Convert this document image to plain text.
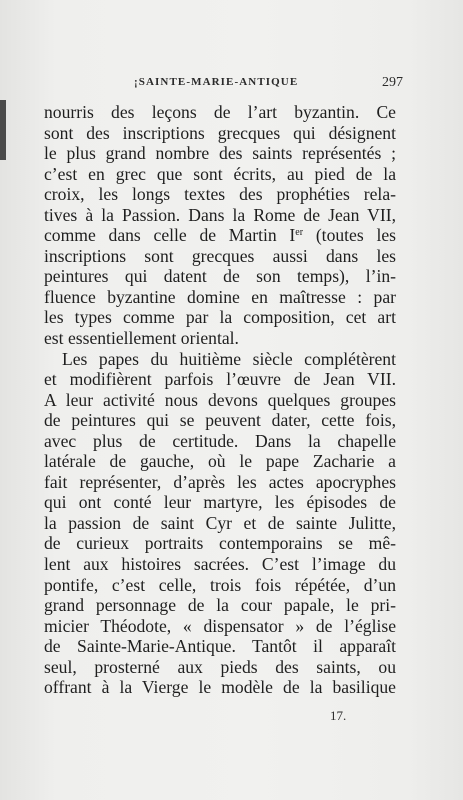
¡SAINTE-MARIE-ANTIQUE	297

nourris des leçons de l’art byzantin. Ce
sont des inscriptions grecques qui désignent
le plus grand nombre des saints représentés ;
c’est en grec que sont écrits, au pied de la
croix, les longs textes des prophéties rela-
tives à la Passion. Dans la Rome de Jean VII,
comme dans celle de Martin Ier (toutes les
inscriptions sont grecques aussi dans les
peintures qui datent de son temps), l’in-
fluence byzantine domine en maîtresse : par
les types comme par la composition, cet art
est essentiellement oriental.

Les papes du huitième siècle complétèrent
et modifièrent parfois l’œuvre de Jean VII.
A leur activité nous devons quelques groupes
de peintures qui se peuvent dater, cette fois,
avec plus de certitude. Dans la chapelle
latérale de gauche, où le pape Zacharie a
fait représenter, d’après les actes apocryphes
qui ont conté leur martyre, les épisodes de
la passion de saint Cyr et de sainte Julitte,
de curieux portraits contemporains se mê-
lent aux histoires sacrées. C’est l’image du
pontife, c’est celle, trois fois répétée, d’un
grand personnage de la cour papale, le pri-
micier Théodote, « dispensator » de l’église
de Sainte-Marie-Antique. Tantôt il apparaît
seul, prosterné aux pieds des saints, ou
offrant à la Vierge le modèle de la basilique

17.
